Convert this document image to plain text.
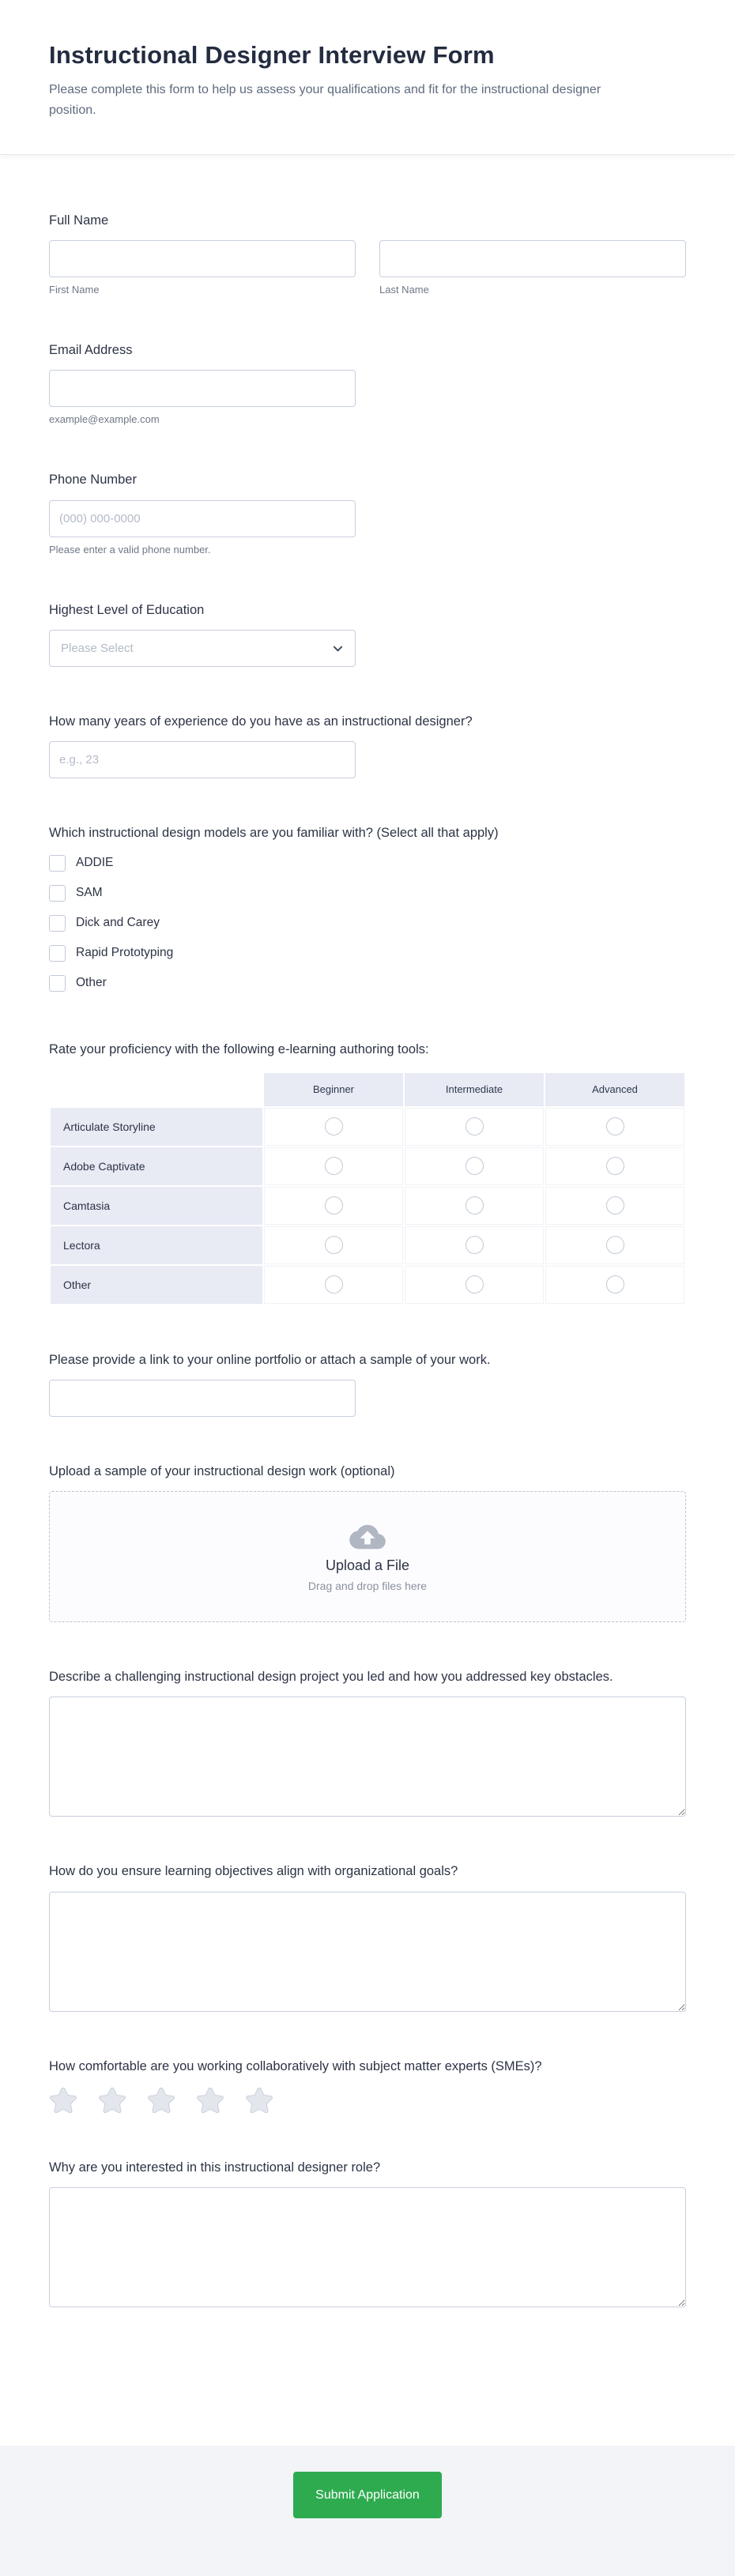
Instructional Designer Interview Form

Please complete this form to help us assess your qualifications and fit for the instructional designer position.

Full Name
First Name	Last Name
Email Address
example@example.com
Phone Number
(000) 000-0000
Please enter a valid phone number.
Highest Level of Education
Please Select
How many years of experience do you have as an instructional designer?
e.g., 23
Which instructional design models are you familiar with? (Select all that apply)
ADDIE
SAM
Dick and Carey
Rapid Prototyping
Other
Rate your proficiency with the following e-learning authoring tools:
	Beginner	Intermediate	Advanced
Articulate Storyline			
Adobe Captivate			
Camtasia			
Lectora			
Other			
Please provide a link to your online portfolio or attach a sample of your work.
Upload a sample of your instructional design work (optional)
Upload a File
Drag and drop files here
Describe a challenging instructional design project you led and how you addressed key obstacles.
How do you ensure learning objectives align with organizational goals?
How comfortable are you working collaboratively with subject matter experts (SMEs)?
Why are you interested in this instructional designer role?
Submit Application
